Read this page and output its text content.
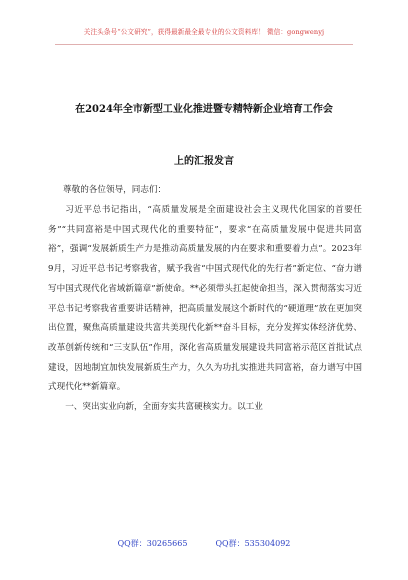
关注头条号“公文研究”，获得最新最全最专业的公文资料库！ 微信：gongwenyj
在2024年全市新型工业化推进暨专精特新企业培育工作会
上的汇报发言
尊敬的各位领导，同志们：

习近平总书记指出，“高质量发展是全面建设社会主义现代化国家的首要任务”“共同富裕是中国式现代化的重要特征”，要求“在高质量发展中促进共同富裕”，强调“发展新质生产力是推动高质量发展的内在要求和重要着力点”。2023年9月，习近平总书记考察我省，赋予我省“中国式现代化的先行者”新定位、“奋力谱写中国式现代化省域新篇章”新使命。**必须带头扛起使命担当，深入贯彻落实习近平总书记考察我省重要讲话精神，把高质量发展这个新时代的“硬道理”放在更加突出位置，聚焦高质量建设共富共美现代化新**奋斗目标，充分发挥实体经济优势、改革创新传统和“三支队伍”作用，深化省高质量发展建设共同富裕示范区首批试点建设，因地制宜加快发展新质生产力，久久为功扎实推进共同富裕，奋力谱写中国式现代化**新篇章。

一、突出实业向新，全面夯实共富硬核实力。以工业

QQ群：30265665	QQ群：535304092
